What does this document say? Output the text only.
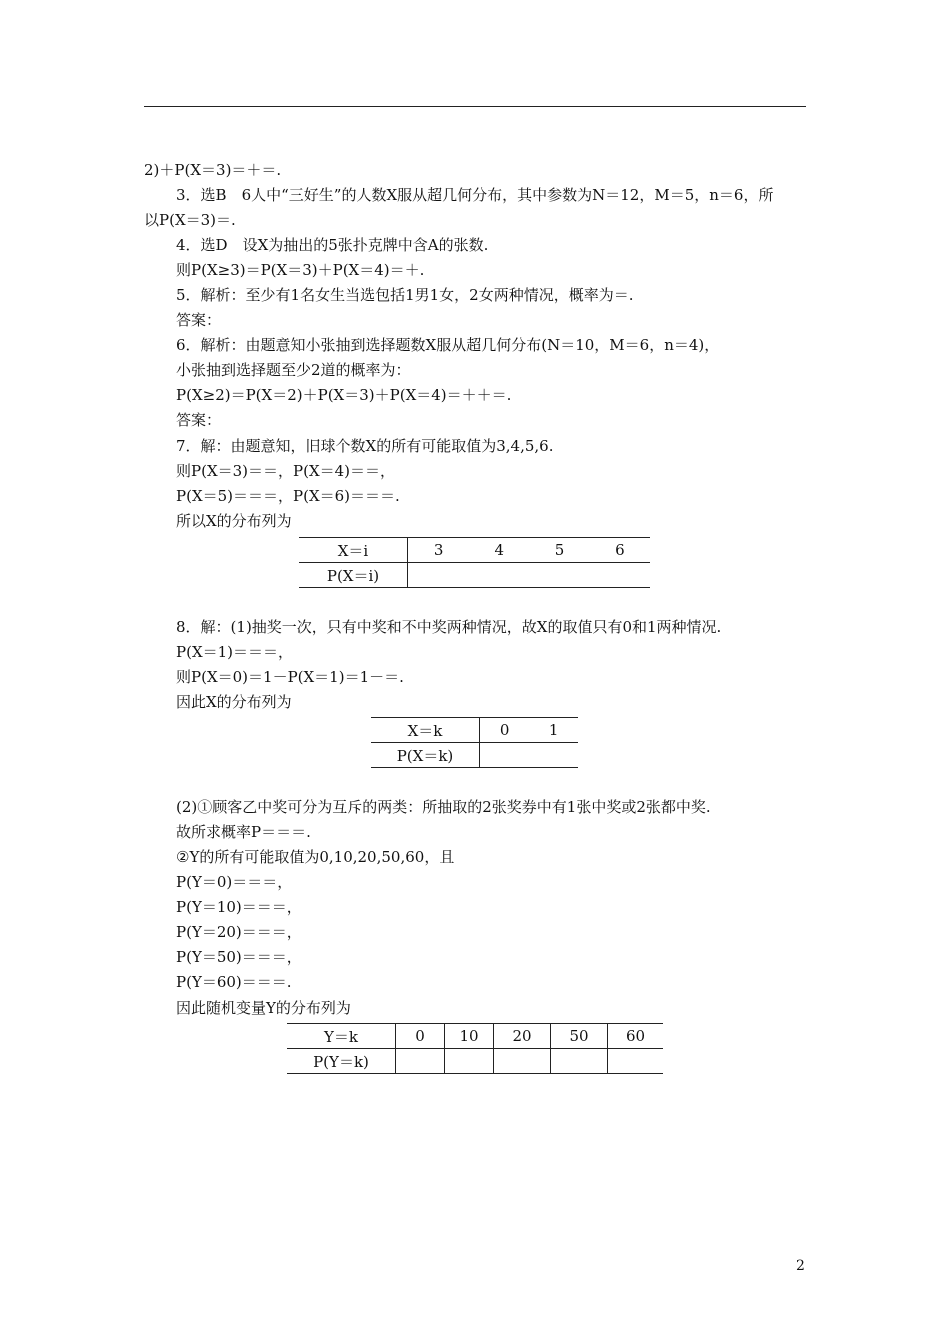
2)＋P(X＝3)＝＋＝.
3．选B　6人中“三好生”的人数X服从超几何分布，其中参数为N＝12，M＝5，n＝6，所
以P(X＝3)＝.
4．选D　设X为抽出的5张扑克牌中含A的张数.
则P(X≥3)＝P(X＝3)＋P(X＝4)＝＋.
5．解析：至少有1名女生当选包括1男1女，2女两种情况，概率为＝.
答案：
6．解析：由题意知小张抽到选择题数X服从超几何分布(N＝10，M＝6，n＝4)，
小张抽到选择题至少2道的概率为：
P(X≥2)＝P(X＝2)＋P(X＝3)＋P(X＝4)＝＋＋＝.
答案：
7．解：由题意知，旧球个数X的所有可能取值为3,4,5,6.
则P(X＝3)＝＝，P(X＝4)＝＝，
P(X＝5)＝＝＝，P(X＝6)＝＝＝.
所以X的分布列为
X＝i	3	4	5	6
P(X＝i)				
8．解：(1)抽奖一次，只有中奖和不中奖两种情况，故X的取值只有0和1两种情况.
P(X＝1)＝＝＝，
则P(X＝0)＝1－P(X＝1)＝1－＝.
因此X的分布列为
X＝k	0	1
P(X＝k)		
(2)①顾客乙中奖可分为互斥的两类：所抽取的2张奖券中有1张中奖或2张都中奖.
故所求概率P＝＝＝.
②Y的所有可能取值为0,10,20,50,60，且
P(Y＝0)＝＝＝，
P(Y＝10)＝＝＝，
P(Y＝20)＝＝＝，
P(Y＝50)＝＝＝，
P(Y＝60)＝＝＝.
因此随机变量Y的分布列为
Y＝k	0	10	20	50	60
P(Y＝k)					
2
